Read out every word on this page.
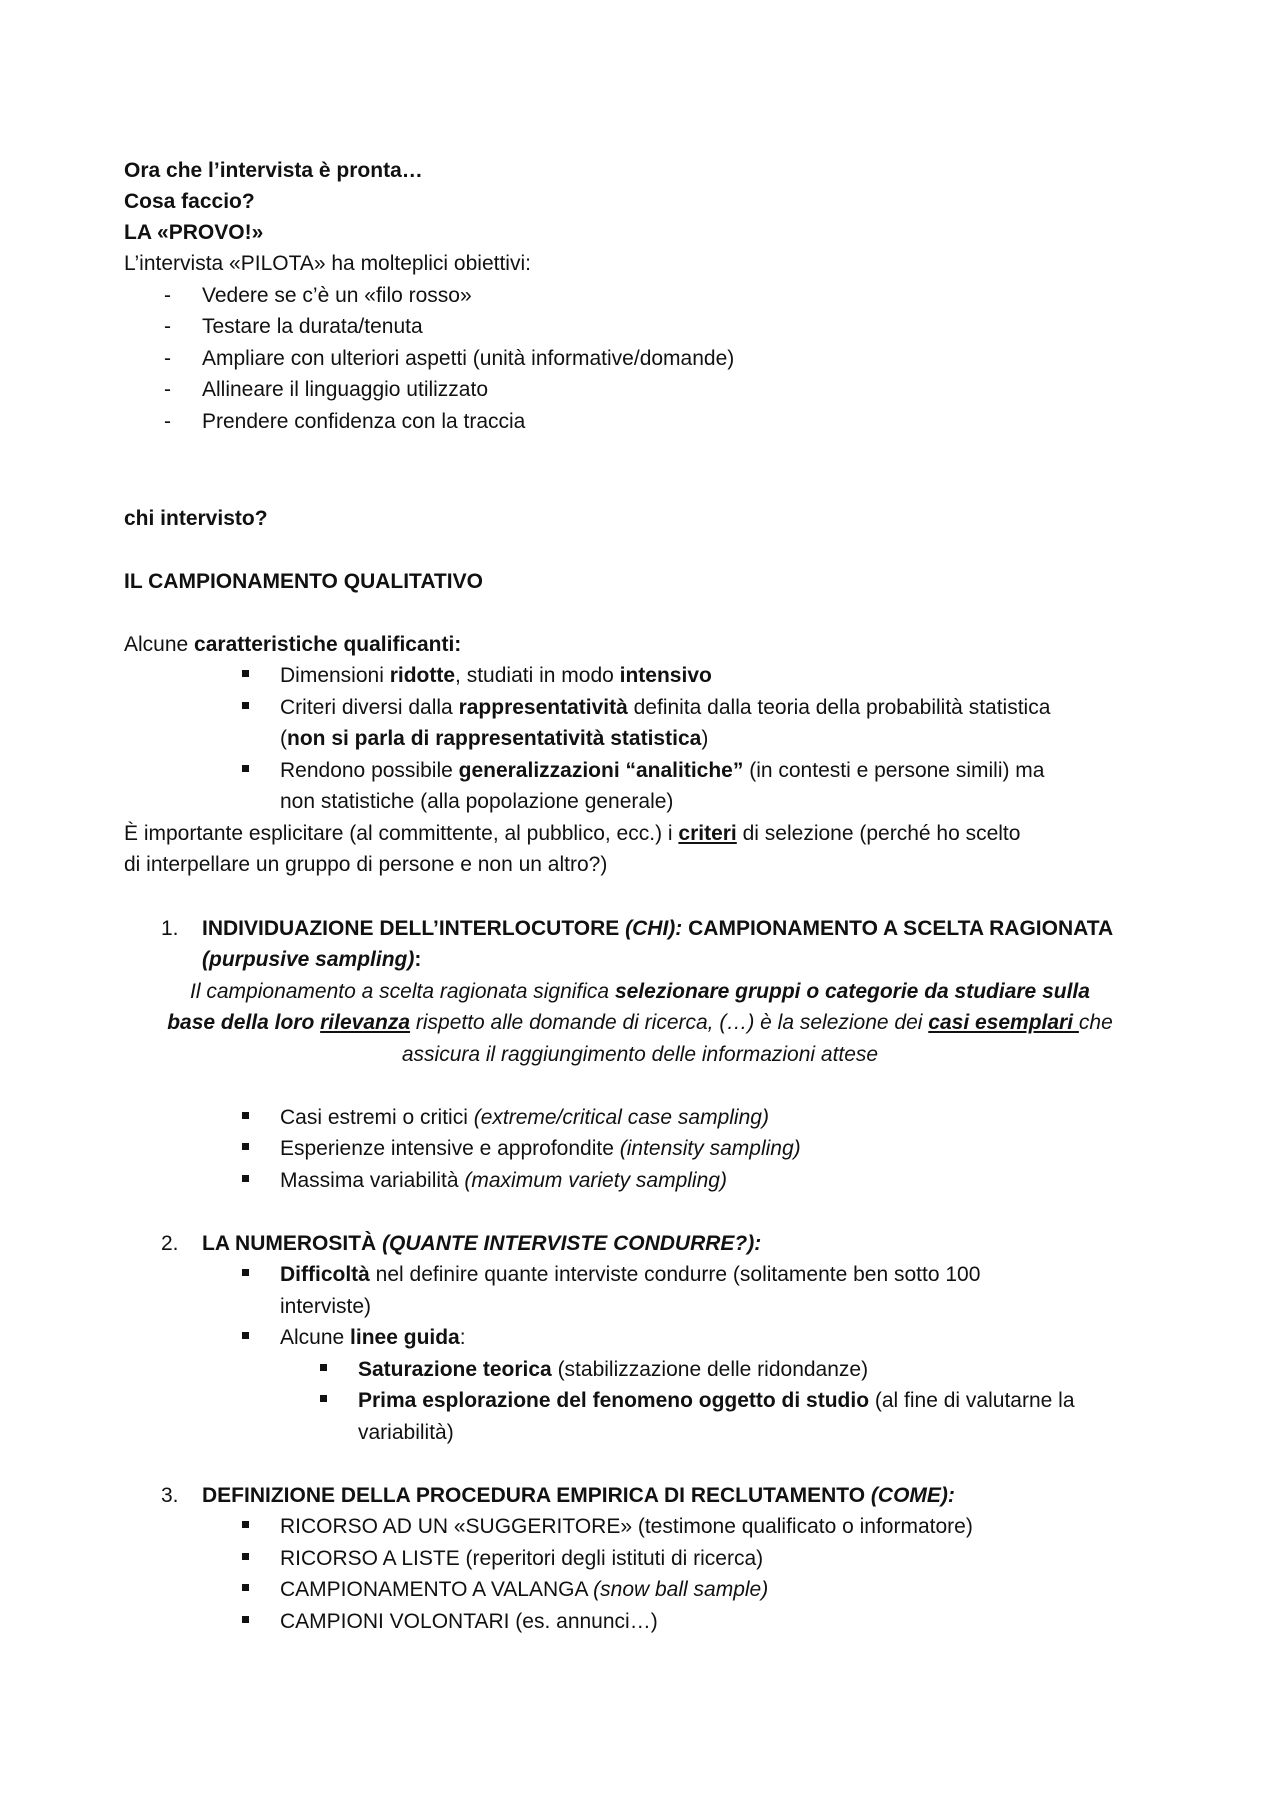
Ora che l’intervista è pronta…
Cosa faccio?
LA «PROVO!»
L’intervista «PILOTA» ha molteplici obiettivi:
- Vedere se c’è un «filo rosso»
- Testare la durata/tenuta
- Ampliare con ulteriori aspetti (unità informative/domande)
- Allineare il linguaggio utilizzato
- Prendere confidenza con la traccia
chi intervisto?
IL CAMPIONAMENTO QUALITATIVO
Alcune caratteristiche qualificanti:
Dimensioni ridotte, studiati in modo intensivo
Criteri diversi dalla rappresentatività definita dalla teoria della probabilità statistica
(non si parla di rappresentatività statistica)
Rendono possibile generalizzazioni “analitiche” (in contesti e persone simili) ma
non statistiche (alla popolazione generale)
È importante esplicitare (al committente, al pubblico, ecc.) i criteri di selezione (perché ho scelto
di interpellare un gruppo di persone e non un altro?)
1. INDIVIDUAZIONE DELL’INTERLOCUTORE (CHI): CAMPIONAMENTO A SCELTA RAGIONATA
(purpusive sampling):
Il campionamento a scelta ragionata significa selezionare gruppi o categorie da studiare sulla
base della loro rilevanza rispetto alle domande di ricerca, (…) è la selezione dei casi esemplari che
assicura il raggiungimento delle informazioni attese
Casi estremi o critici (extreme/critical case sampling)
Esperienze intensive e approfondite (intensity sampling)
Massima variabilità (maximum variety sampling)
2. LA NUMEROSITÀ (QUANTE INTERVISTE CONDURRE?):
Difficoltà nel definire quante interviste condurre (solitamente ben sotto 100
interviste)
Alcune linee guida:
Saturazione teorica (stabilizzazione delle ridondanze)
Prima esplorazione del fenomeno oggetto di studio (al fine di valutarne la
variabilità)
3. DEFINIZIONE DELLA PROCEDURA EMPIRICA DI RECLUTAMENTO (COME):
RICORSO AD UN «SUGGERITORE» (testimone qualificato o informatore)
RICORSO A LISTE (reperitori degli istituti di ricerca)
CAMPIONAMENTO A VALANGA (snow ball sample)
CAMPIONI VOLONTARI (es. annunci…)
